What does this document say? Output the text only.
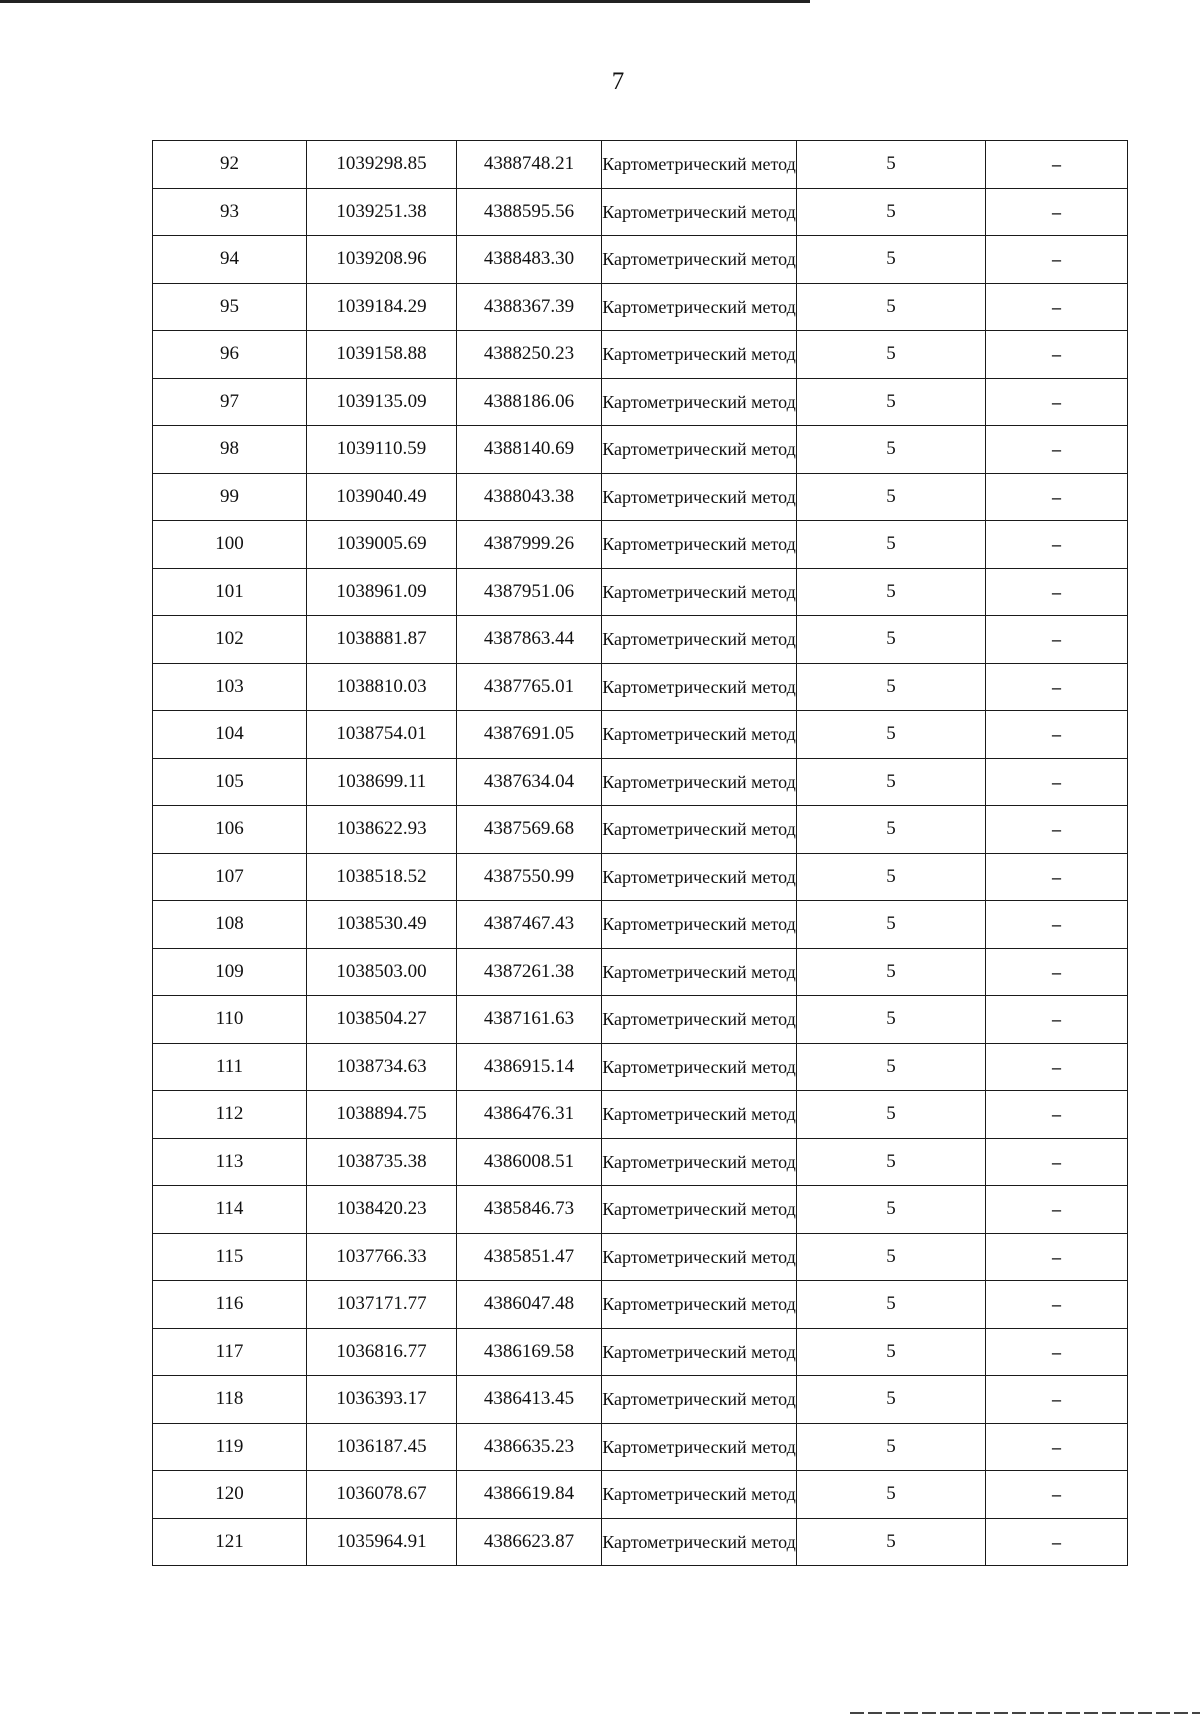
7
92	1039298.85	4388748.21	Картометрический метод	5	–
93	1039251.38	4388595.56	Картометрический метод	5	–
94	1039208.96	4388483.30	Картометрический метод	5	–
95	1039184.29	4388367.39	Картометрический метод	5	–
96	1039158.88	4388250.23	Картометрический метод	5	–
97	1039135.09	4388186.06	Картометрический метод	5	–
98	1039110.59	4388140.69	Картометрический метод	5	–
99	1039040.49	4388043.38	Картометрический метод	5	–
100	1039005.69	4387999.26	Картометрический метод	5	–
101	1038961.09	4387951.06	Картометрический метод	5	–
102	1038881.87	4387863.44	Картометрический метод	5	–
103	1038810.03	4387765.01	Картометрический метод	5	–
104	1038754.01	4387691.05	Картометрический метод	5	–
105	1038699.11	4387634.04	Картометрический метод	5	–
106	1038622.93	4387569.68	Картометрический метод	5	–
107	1038518.52	4387550.99	Картометрический метод	5	–
108	1038530.49	4387467.43	Картометрический метод	5	–
109	1038503.00	4387261.38	Картометрический метод	5	–
110	1038504.27	4387161.63	Картометрический метод	5	–
111	1038734.63	4386915.14	Картометрический метод	5	–
112	1038894.75	4386476.31	Картометрический метод	5	–
113	1038735.38	4386008.51	Картометрический метод	5	–
114	1038420.23	4385846.73	Картометрический метод	5	–
115	1037766.33	4385851.47	Картометрический метод	5	–
116	1037171.77	4386047.48	Картометрический метод	5	–
117	1036816.77	4386169.58	Картометрический метод	5	–
118	1036393.17	4386413.45	Картометрический метод	5	–
119	1036187.45	4386635.23	Картометрический метод	5	–
120	1036078.67	4386619.84	Картометрический метод	5	–
121	1035964.91	4386623.87	Картометрический метод	5	–
